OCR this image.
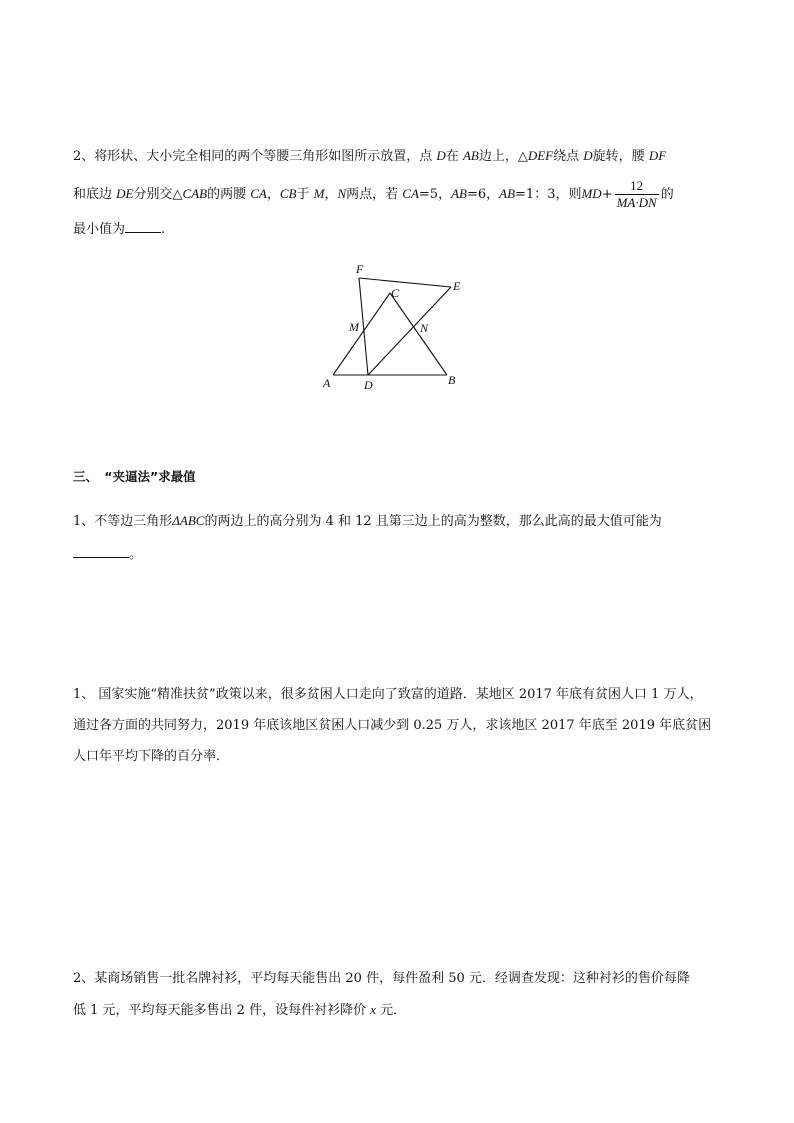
2、将形状、大小完全相同的两个等腰三角形如图所示放置，点 D在 AB边上，△DEF绕点 D旋转，腰 DF
和底边 DE分别交△CAB的两腰 CA，CB于 M，N两点，若 CA=5，AB=6，AB=1：3，则$MD+ \frac{12}{MA\cdot DN}$ 的
最小值为	.
F
C	E
M	N
A	D	B
三、　“夹逼法”求最值
1、不等边三角形ΔABC的两边上的高分别为 4 和 12 且第三边上的高为整数，那么此高的最大值可能为
。
1、 国家实施“精准扶贫”政策以来，很多贫困人口走向了致富的道路．某地区 2017 年底有贫困人口 1 万人，
通过各方面的共同努力，2019 年底该地区贫困人口减少到 0.25 万人，求该地区 2017 年底至 2019 年底贫困
人口年平均下降的百分率．
2、某商场销售一批名牌衬衫，平均每天能售出 20 件，每件盈利 50 元．经调查发现：这种衬衫的售价每降
低 1 元，平均每天能多售出 2 件，设每件衬衫降价 x 元．
